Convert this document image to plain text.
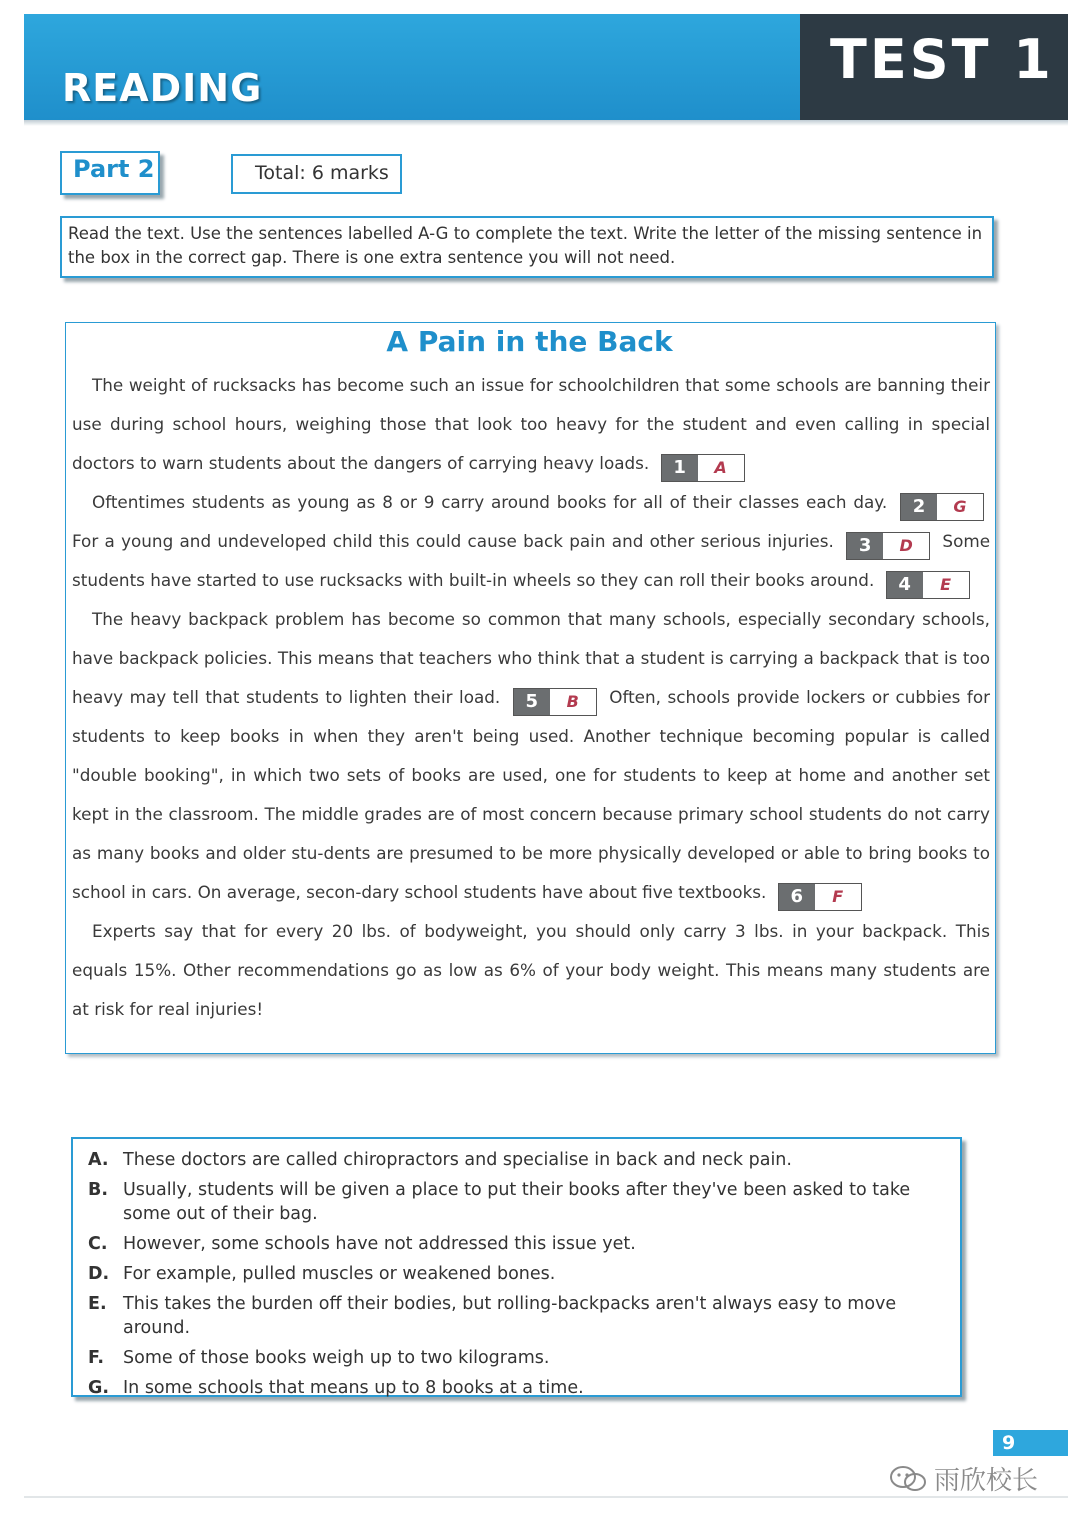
READING	TEST 1
Part 2	Total: 6 marks
Read the text. Use the sentences labelled A-G to complete the text. Write the letter of the missing sentence in the box in the correct gap. There is one extra sentence you will not need.
A Pain in the Back

The weight of rucksacks has become such an issue for schoolchildren that some schools are banning their use during school hours, weighing those that look too heavy for the student and even calling in special doctors to warn students about the dangers of carrying heavy loads.	1	A

Oftentimes students as young as 8 or 9 carry around books for all of their classes each day.	2	G
For a young and undeveloped child this could cause back pain and other serious injuries.	3	D	Some students have started to use rucksacks with built-in wheels so they can roll their books around.	4	E

The heavy backpack problem has become so common that many schools, especially secondary schools, have backpack policies. This means that teachers who think that a student is carrying a backpack that is too heavy may tell that students to lighten their load.	5	B	Often, schools provide lockers or cubbies for students to keep books in when they aren't being used. Another technique becoming popular is called "double booking", in which two sets of books are used, one for students to keep at home and another set kept in the classroom. The middle grades are of most concern because primary school students do not carry as many books and older stu-dents are presumed to be more physically developed or able to bring books to school in cars. On average, secon-dary school students have about five textbooks.	6	F

Experts say that for every 20 lbs. of bodyweight, you should only carry 3 lbs. in your backpack. This equals 15%. Other recommendations go as low as 6% of your body weight. This means many students are at risk for real injuries!

A. These doctors are called chiropractors and specialise in back and neck pain.
B. Usually, students will be given a place to put their books after they've been asked to take some out of their bag.
C. However, some schools have not addressed this issue yet.
D. For example, pulled muscles or weakened bones.
E. This takes the burden off their bodies, but rolling-backpacks aren't always easy to move around.
F.	Some of those books weigh up to two kilograms.
G. In some schools that means up to 8 books at a time.
9
雨欣校长
